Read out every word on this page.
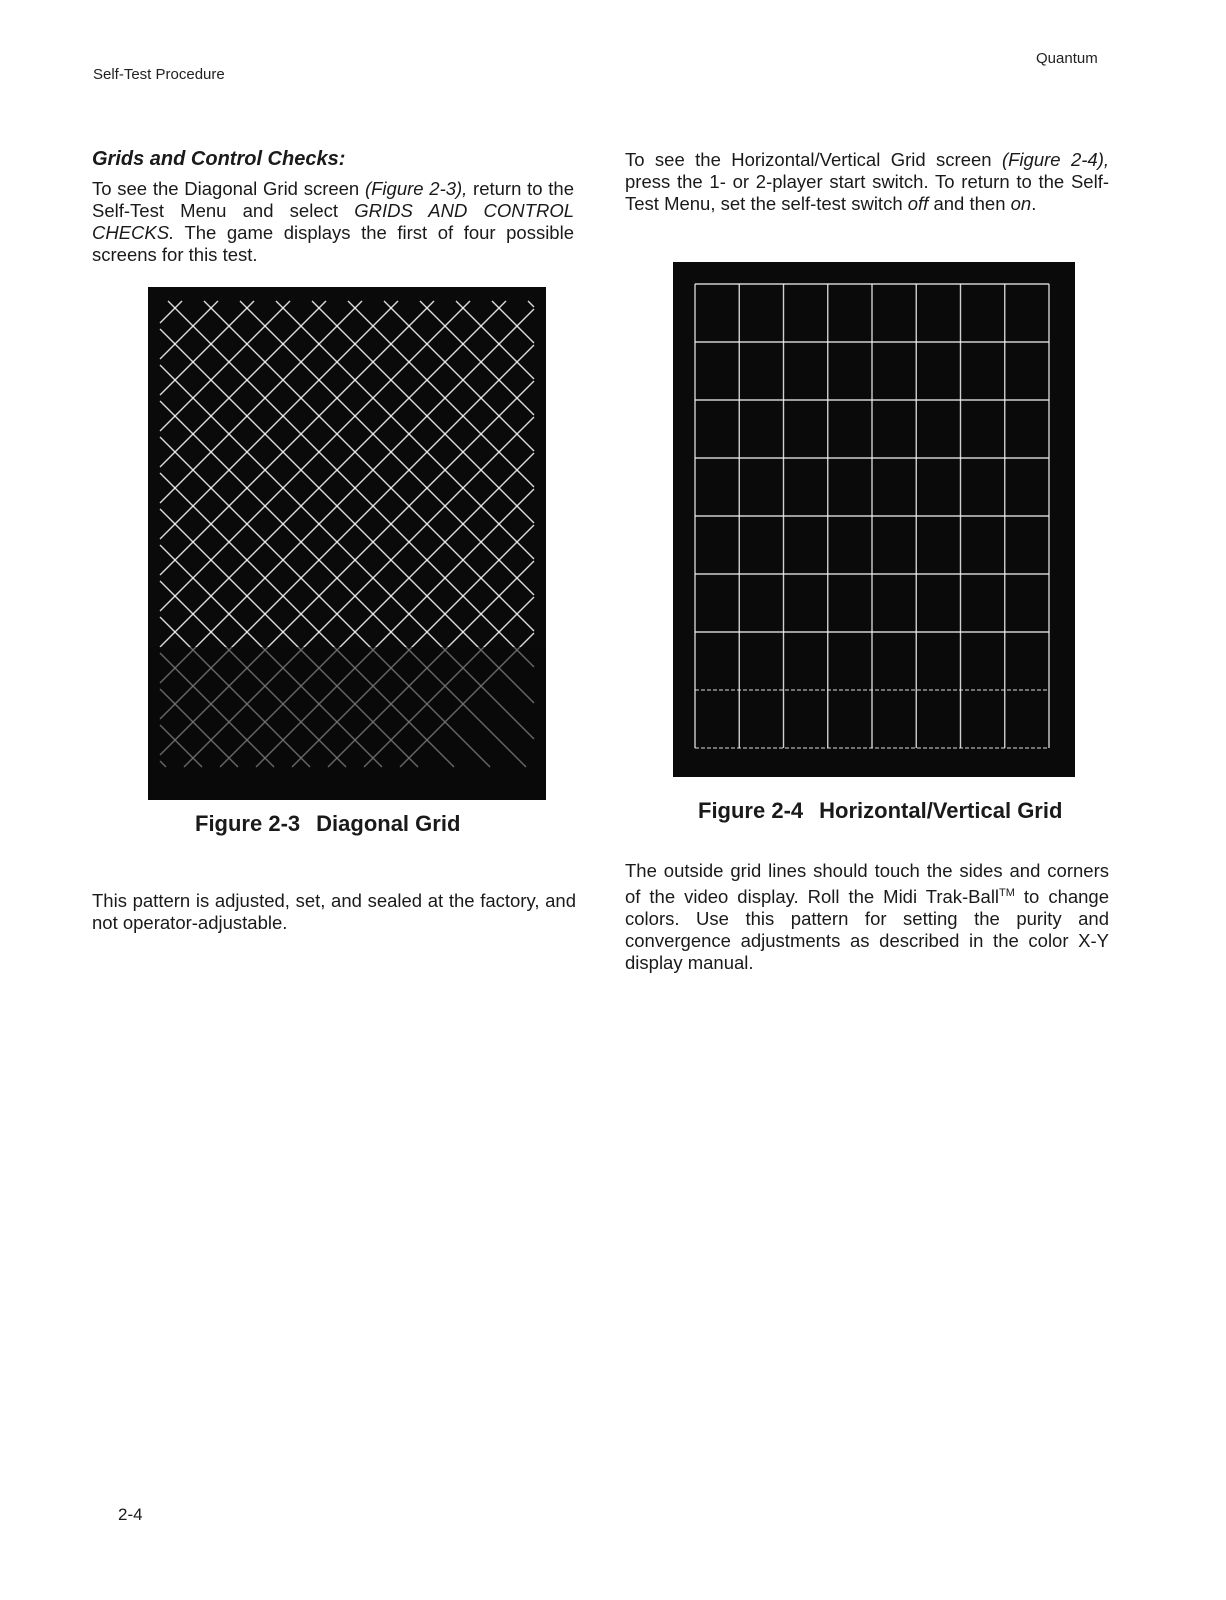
Self-Test Procedure
Quantum
Grids and Control Checks:

To see the Diagonal Grid screen (Figure 2-3), return to the Self-Test Menu and select GRIDS AND CONTROL CHECKS. The game displays the first of four possible screens for this test.

Figure 2-3 Diagonal Grid

This pattern is adjusted, set, and sealed at the factory, and not operator-adjustable.

To see the Horizontal/Vertical Grid screen (Figure 2-4), press the 1- or 2-player start switch. To return to the Self-Test Menu, set the self-test switch off and then on.

Figure 2-4 Horizontal/Vertical Grid

The outside grid lines should touch the sides and corners of the video display. Roll the Midi Trak-Ball™ to change colors. Use this pattern for setting the purity and convergence adjustments as described in the color X-Y display manual.

2-4
